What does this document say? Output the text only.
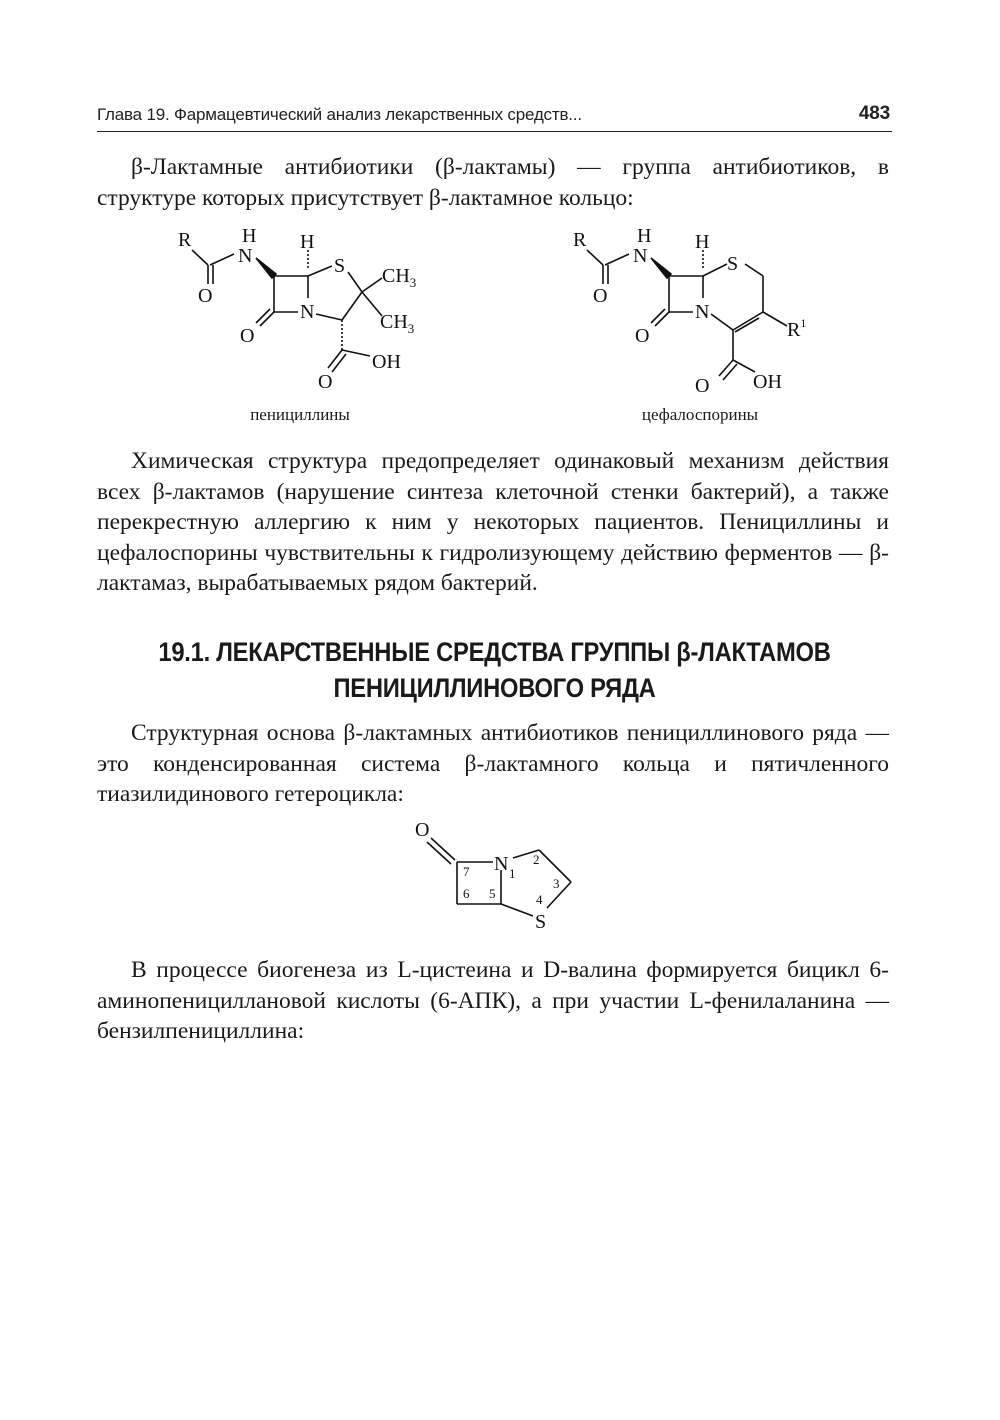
Глава 19. Фармацевтический анализ лекарственных средств...	483

β-Лактамные антибиотики (β-лактамы) — группа антибиотиков, в структуре которых присутствует β-лактамное кольцо:

R	H
N
O
H
S $CH_3$
$CH_3$
O
N
O
OH
пенициллины
R	H
N
O
H
S
O
N
$R^1$
O OH
цефалоспорины

Химическая структура предопределяет одинаковый механизм действия всех β-лактамов (нарушение синтеза клеточной стенки бактерий), а также перекрестную аллергию к ним у некоторых пациентов. Пенициллины и цефалоспорины чувствительны к гидролизующему действию ферментов — β-лактамаз, вырабатываемых рядом бактерий.

19.1. ЛЕКАРСТВЕННЫЕ СРЕДСТВА ГРУППЫ β-ЛАКТАМОВ
ПЕНИЦИЛЛИНОВОГО РЯДА

Структурная основа β-лактамных антибиотиков пенициллинового ряда — это конденсированная система β-лактамного кольца и пятичленного тиазилидинового гетероцикла:

O
N
S
1
2
3
4
5
6
7

В процессе биогенеза из L-цистеина и D-валина формируется бицикл 6-аминопенициллановой кислоты (6-АПК), а при участии L-фенилаланина — бензилпенициллина:
